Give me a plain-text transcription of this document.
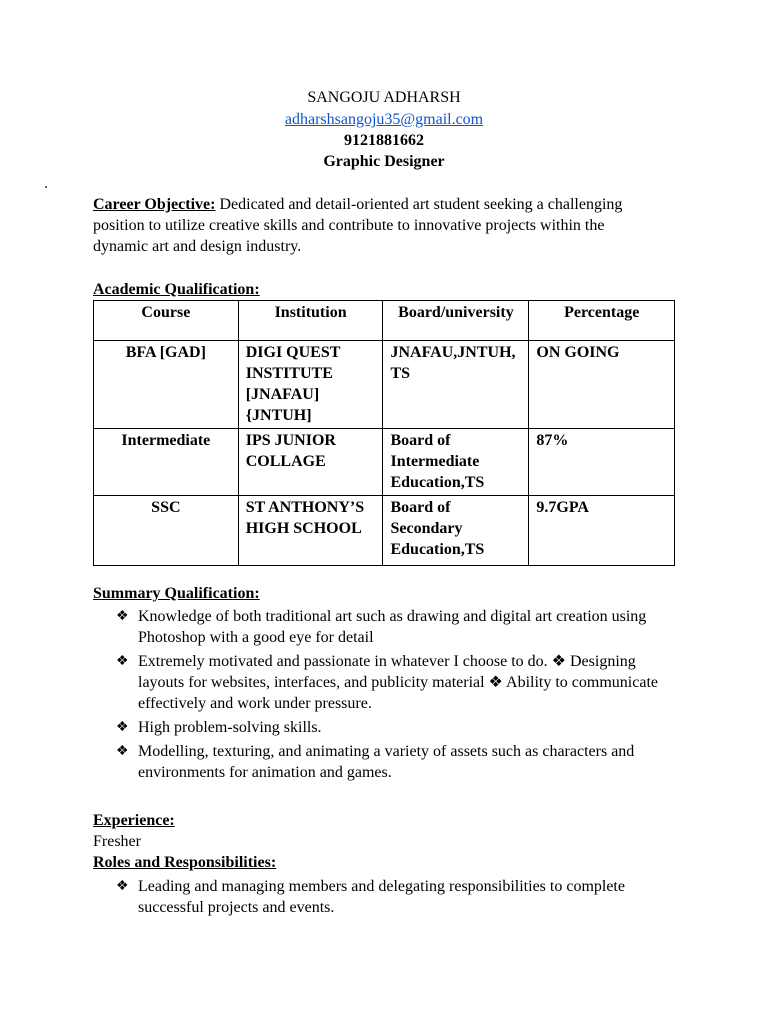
SANGOJU ADHARSH
adharshsangoju35@gmail.com
9121881662
Graphic Designer
Career Objective: Dedicated and detail-oriented art student seeking a challenging position to utilize creative skills and contribute to innovative projects within the dynamic art and design industry.
Academic Qualification:
Course	Institution	Board/university	Percentage
BFA [GAD]	DIGI QUEST INSTITUTE [JNAFAU] {JNTUH]	JNAFAU,JNTUH,TS	ON GOING
Intermediate	IPS JUNIOR COLLAGE	Board of Intermediate Education,TS	87%
SSC	ST ANTHONY’S HIGH SCHOOL	Board of Secondary Education,TS	9.7GPA
Summary Qualification:
❖ Knowledge of both traditional art such as drawing and digital art creation using Photoshop with a good eye for detail
❖ Extremely motivated and passionate in whatever I choose to do. ❖ Designing layouts for websites, interfaces, and publicity material ❖ Ability to communicate effectively and work under pressure.
❖ High problem-solving skills.
❖ Modelling, texturing, and animating a variety of assets such as characters and environments for animation and games.
Experience:
Fresher
Roles and Responsibilities:
❖ Leading and managing members and delegating responsibilities to complete successful projects and events.
